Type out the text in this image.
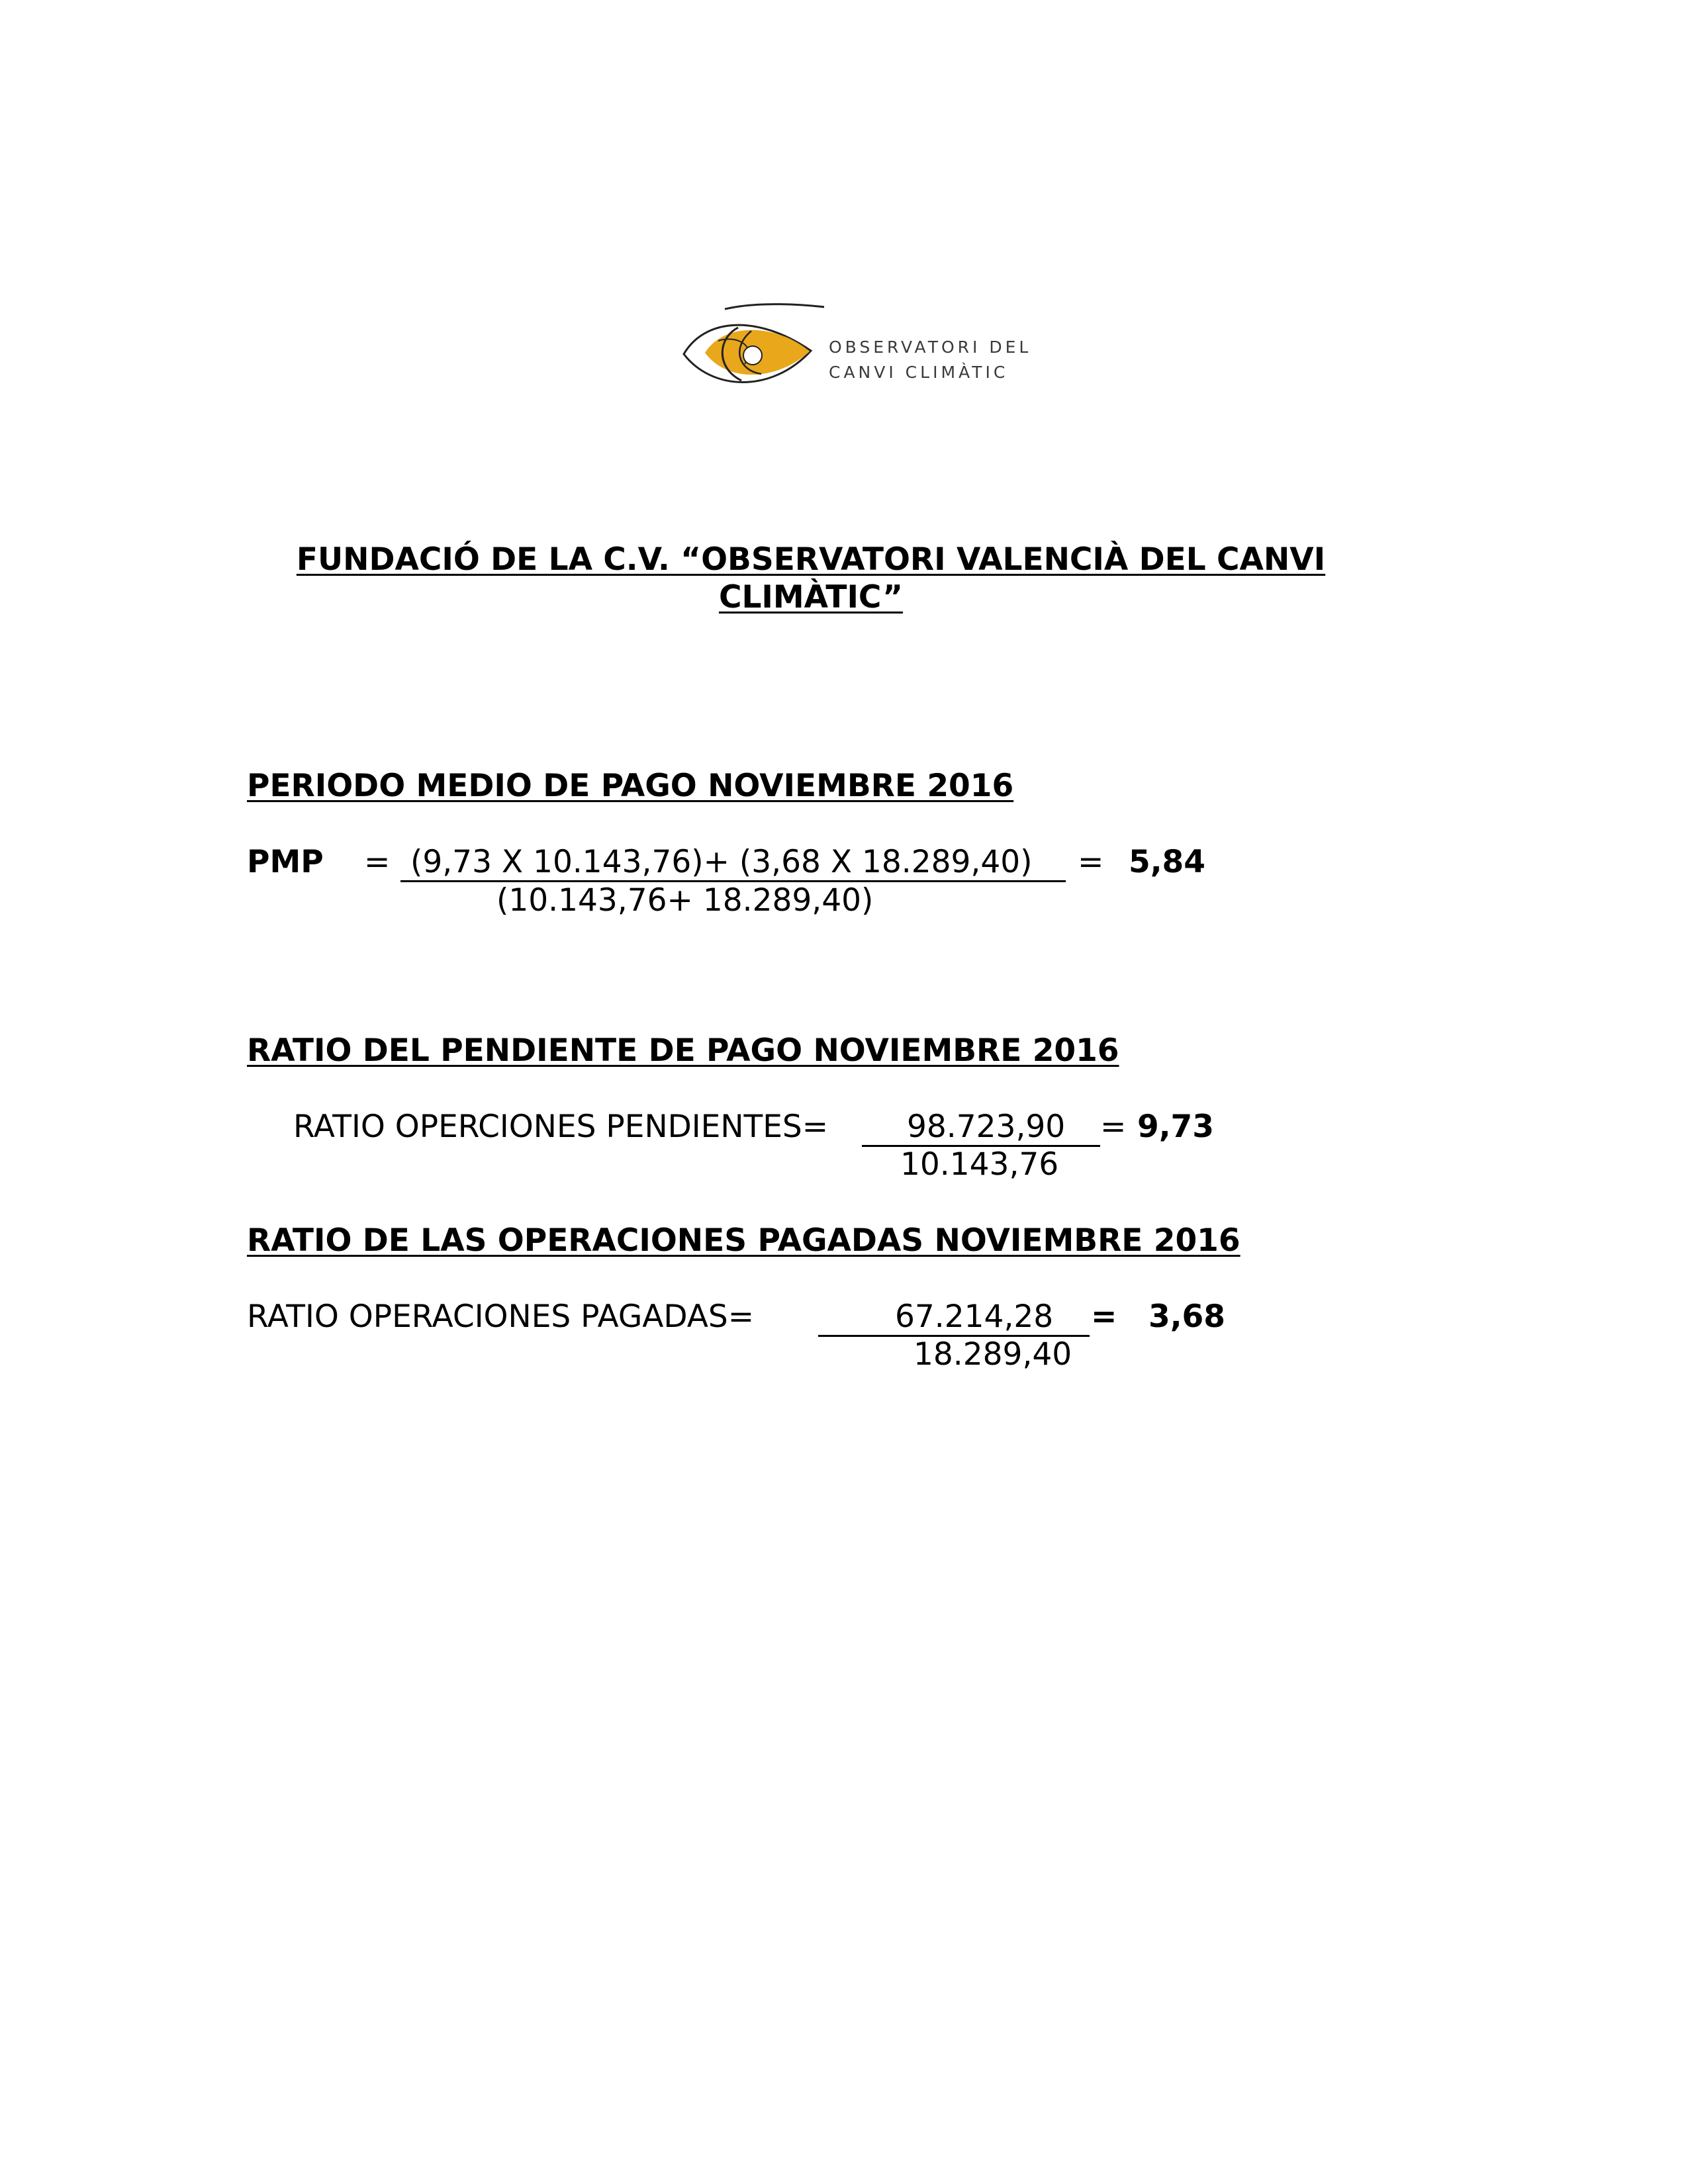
OBSERVATORI DEL
CANVI CLIMÀTIC
FUNDACIÓ DE LA C.V. “OBSERVATORI VALENCIÀ DEL CANVI
CLIMÀTIC”
PERIODO MEDIO DE PAGO NOVIEMBRE 2016
PMP = (9,73 X 10.143,76)+ (3,68 X 18.289,40) = 5,84
(10.143,76+ 18.289,40)
RATIO DEL PENDIENTE DE PAGO NOVIEMBRE 2016
RATIO OPERCIONES PENDIENTES=	98.723,90 = 9,73
10.143,76
RATIO DE LAS OPERACIONES PAGADAS NOVIEMBRE 2016
RATIO OPERACIONES PAGADAS=	67.214,28 = 3,68
18.289,40
